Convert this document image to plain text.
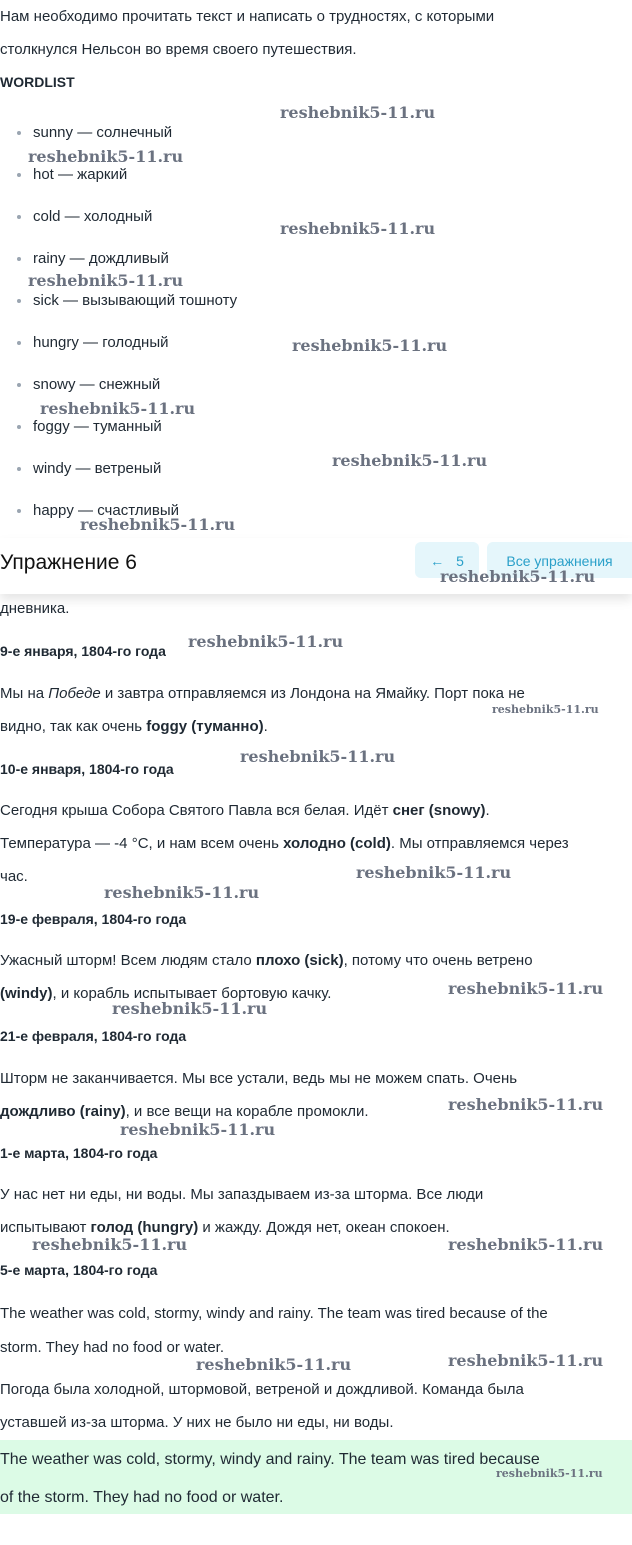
Нам необходимо прочитать текст и написать о трудностях, с которыми

столкнулся Нельсон во время своего путешествия.

WORDLIST

sunny — солнечный
hot — жаркий
cold — холодный
rainy — дождливый
sick — вызывающий тошноту
hungry — голодный
snowy — снежный
foggy — туманный
windy — ветреный
happy — счастливый

дневника.

9-е января, 1804-го года

Мы на Победе и завтра отправляемся из Лондона на Ямайку. Порт пока не

видно, так как очень foggy (туманно).

10-е января, 1804-го года

Сегодня крыша Собора Святого Павла вся белая. Идёт снег (snowy).

Температура — -4 °C, и нам всем очень холодно (cold). Мы отправляемся через

час.

19-е февраля, 1804-го года

Ужасный шторм! Всем людям стало плохо (sick), потому что очень ветрено

(windy), и корабль испытывает бортовую качку.

21-е февраля, 1804-го года

Шторм не заканчивается. Мы все устали, ведь мы не можем спать. Очень

дождливо (rainy), и все вещи на корабле промокли.

1-е марта, 1804-го года

У нас нет ни еды, ни воды. Мы запаздываем из-за шторма. Все люди

испытывают голод (hungry) и жажду. Дождя нет, океан спокоен.

5-е марта, 1804-го года

The weather was cold, stormy, windy and rainy. The team was tired because of the

storm. They had no food or water.

Погода была холодной, штормовой, ветреной и дождливой. Команда была

уставшей из-за шторма. У них не было ни еды, ни воды.

The weather was cold, stormy, windy and rainy. The team was tired because

of the storm. They had no food or water.

Упражнение 6	← 5	Все упражнения
reshebnik5-11.ru
reshebnik5-11.ru
reshebnik5-11.ru
reshebnik5-11.ru
reshebnik5-11.ru
reshebnik5-11.ru
reshebnik5-11.ru
reshebnik5-11.ru
reshebnik5-11.ru
reshebnik5-11.ru
reshebnik5-11.ru
reshebnik5-11.ru
reshebnik5-11.ru
reshebnik5-11.ru
reshebnik5-11.ru
reshebnik5-11.ru
reshebnik5-11.ru
reshebnik5-11.ru
reshebnik5-11.ru	reshebnik5-11.ru
reshebnik5-11.ru	reshebnik5-11.ru
reshebnik5-11.ru
